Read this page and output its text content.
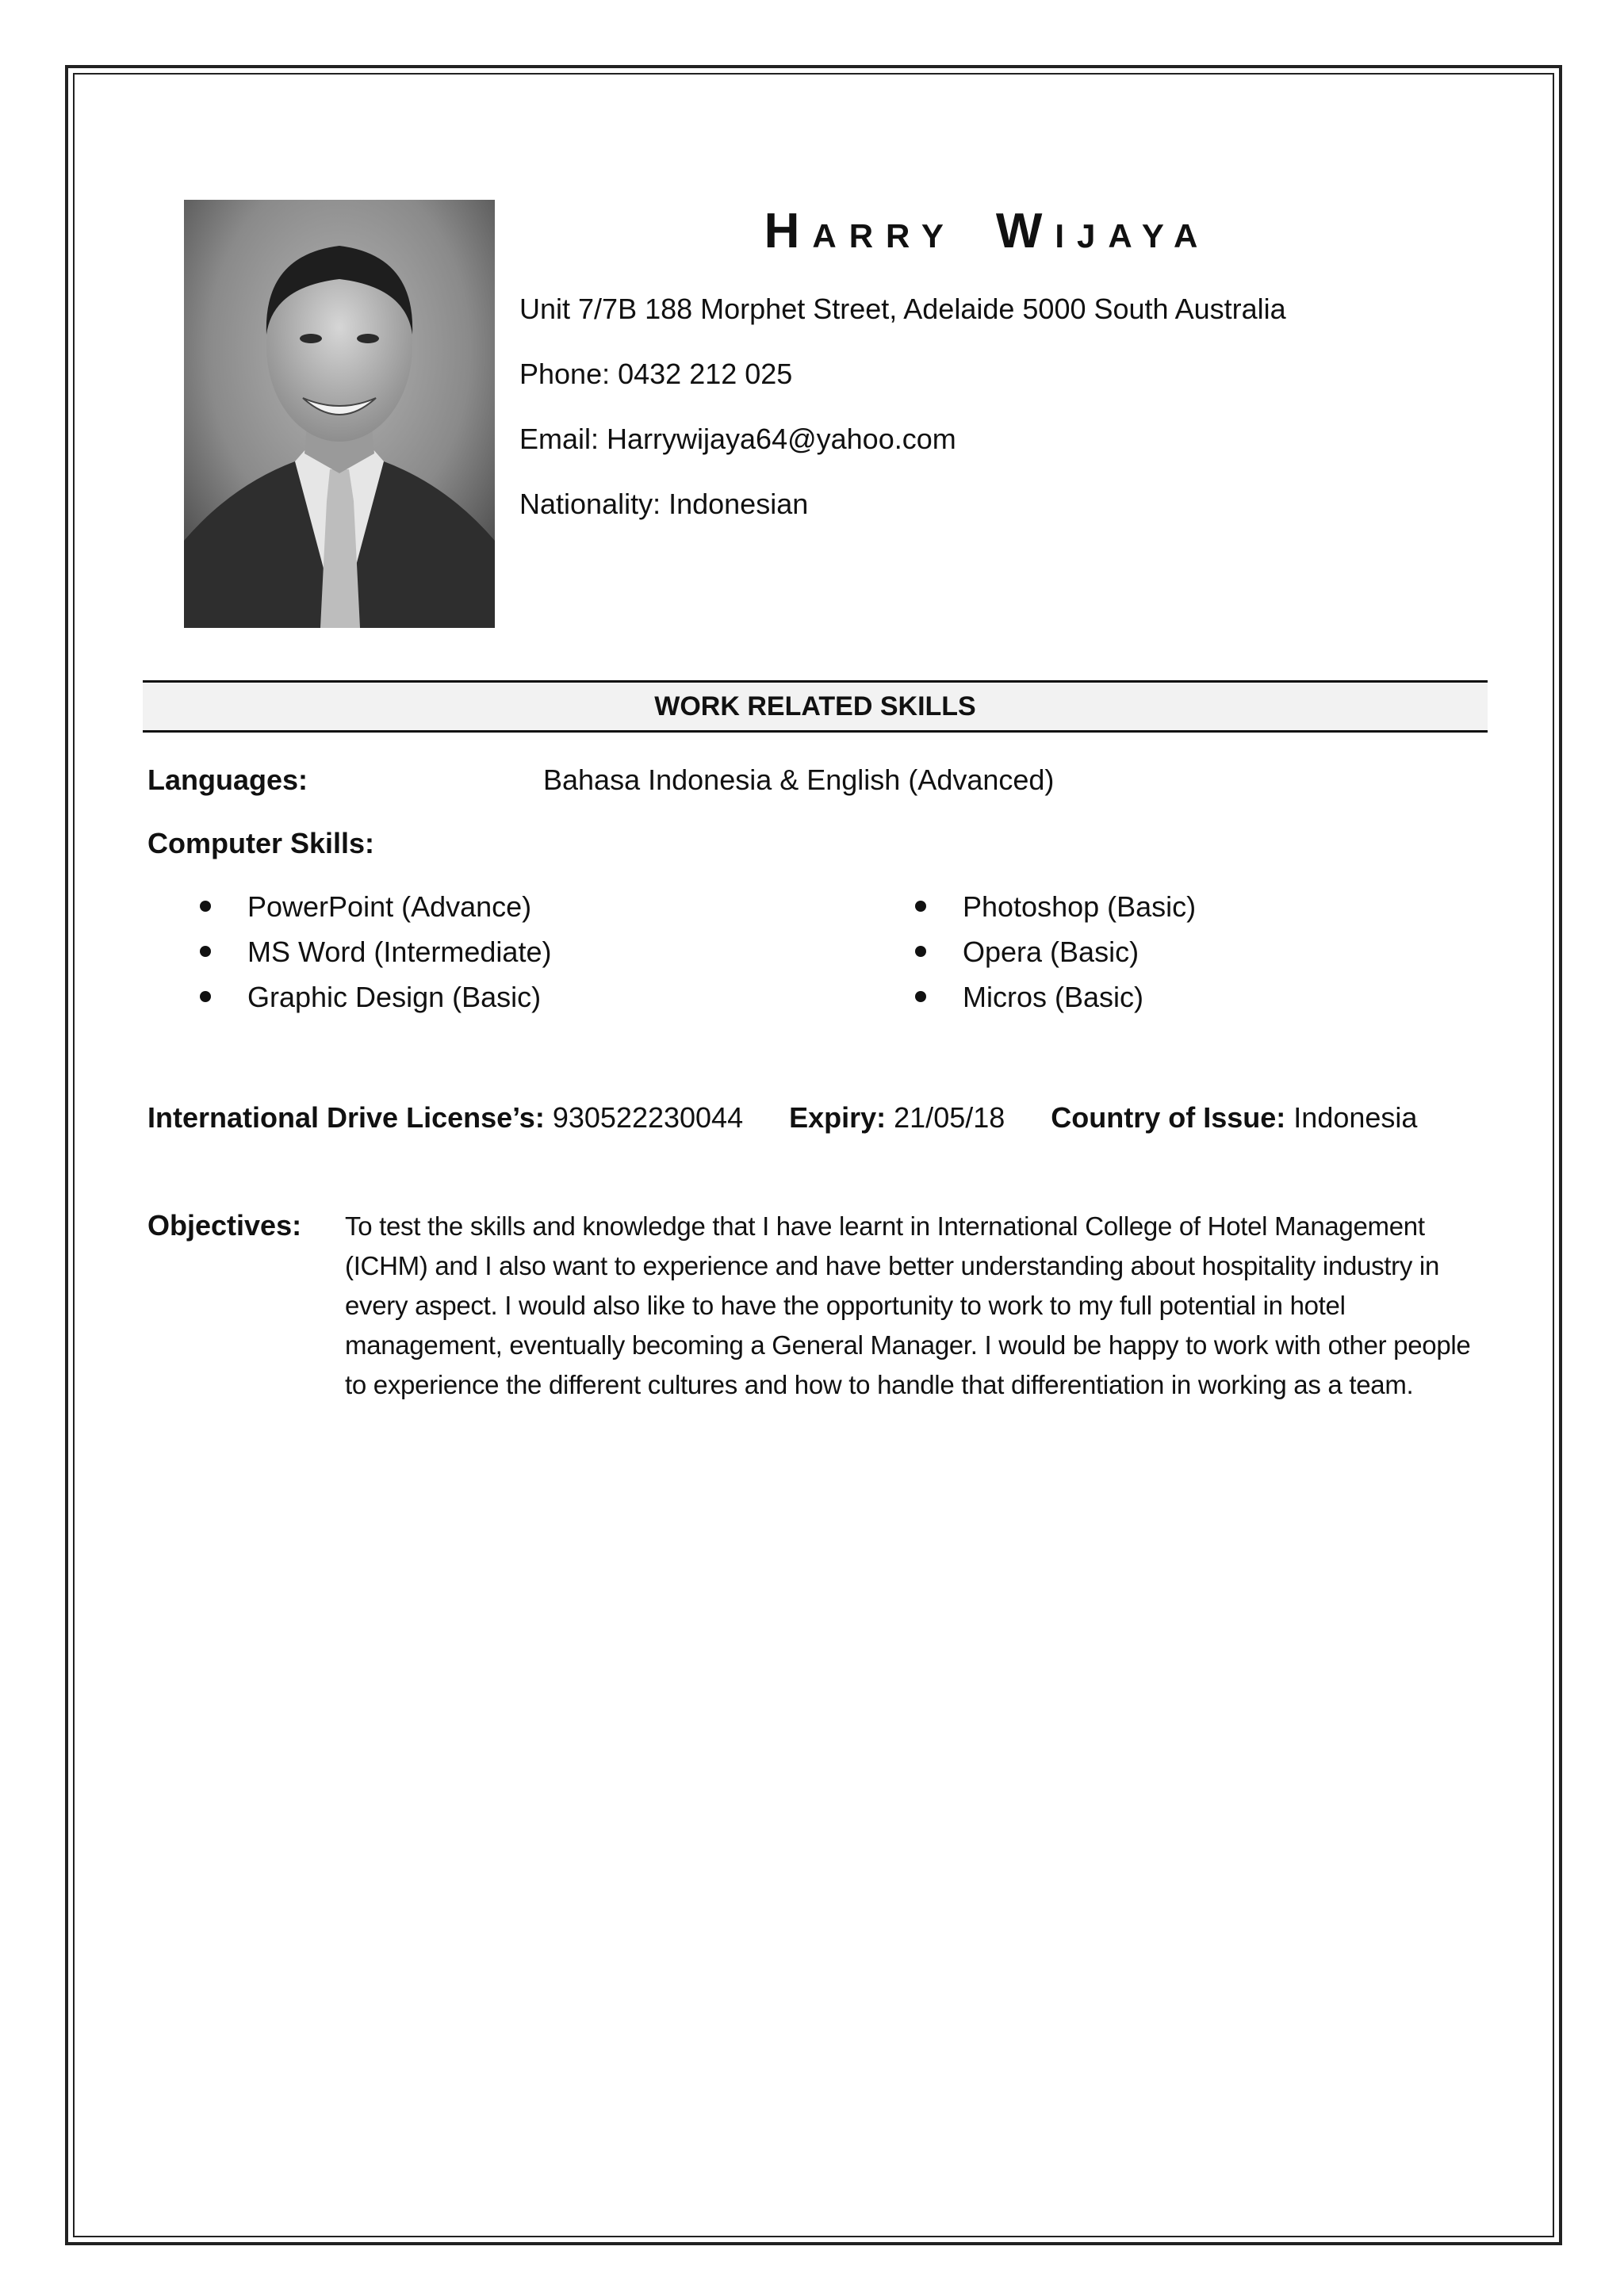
HARRY WIJAYA
Unit 7/7B 188 Morphet Street, Adelaide 5000 South Australia
Phone: 0432 212 025
Email: Harrywijaya64@yahoo.com
Nationality: Indonesian
WORK RELATED SKILLS
Languages:	Bahasa Indonesia & English (Advanced)
Computer Skills:
PowerPoint (Advance)
MS Word (Intermediate)
Graphic Design (Basic)
Photoshop (Basic)
Opera (Basic)
Micros (Basic)
International Drive License’s: 930522230044 Expiry: 21/05/18 Country of Issue: Indonesia
Objectives: To test the skills and knowledge that I have learnt in International College of Hotel Management (ICHM) and I also want to experience and have better understanding about hospitality industry in every aspect. I would also like to have the opportunity to work to my full potential in hotel management, eventually becoming a General Manager. I would be happy to work with other people to experience the different cultures and how to handle that differentiation in working as a team.
